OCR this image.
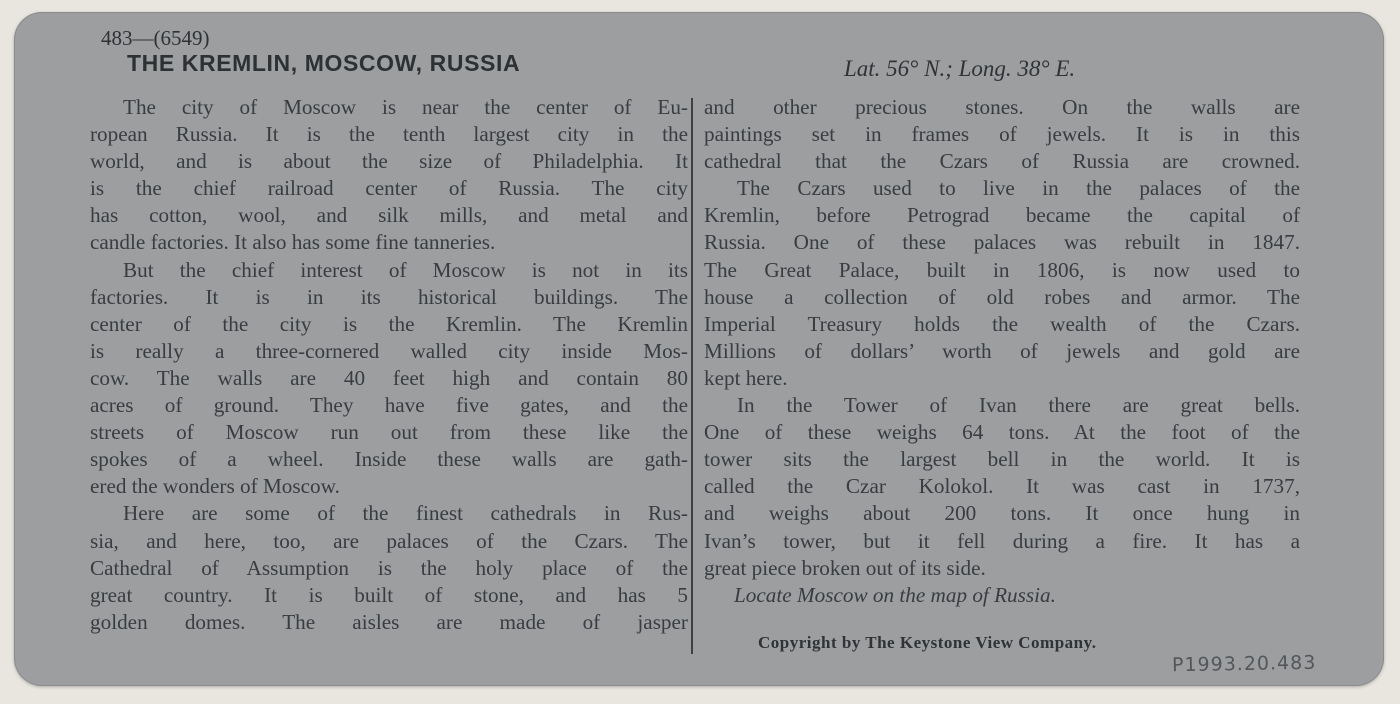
483—(6549)
THE KREMLIN, MOSCOW, RUSSIA	Lat. 56° N.; Long. 38° E.
The city of Moscow is near the center of Eu-
ropean Russia. It is the tenth largest city in the
world, and is about the size of Philadelphia. It
is the chief railroad center of Russia. The city
has cotton, wool, and silk mills, and metal and
candle factories. It also has some fine tanneries.
But the chief interest of Moscow is not in its
factories. It is in its historical buildings. The
center of the city is the Kremlin. The Kremlin
is really a three-cornered walled city inside Mos-
cow. The walls are 40 feet high and contain 80
acres of ground. They have five gates, and the
streets of Moscow run out from these like the
spokes of a wheel. Inside these walls are gath-
ered the wonders of Moscow.
Here are some of the finest cathedrals in Rus-
sia, and here, too, are palaces of the Czars. The
Cathedral of Assumption is the holy place of the
great country. It is built of stone, and has 5
golden domes. The aisles are made of jasper
and other precious stones. On the walls are
paintings set in frames of jewels. It is in this
cathedral that the Czars of Russia are crowned.
The Czars used to live in the palaces of the
Kremlin, before Petrograd became the capital of
Russia. One of these palaces was rebuilt in 1847.
The Great Palace, built in 1806, is now used to
house a collection of old robes and armor. The
Imperial Treasury holds the wealth of the Czars.
Millions of dollars’ worth of jewels and gold are
kept here.
In the Tower of Ivan there are great bells.
One of these weighs 64 tons. At the foot of the
tower sits the largest bell in the world. It is
called the Czar Kolokol. It was cast in 1737,
and weighs about 200 tons. It once hung in
Ivan’s tower, but it fell during a fire. It has a
great piece broken out of its side.
Locate Moscow on the map of Russia.
Copyright by The Keystone View Company.
P1993.20.483
